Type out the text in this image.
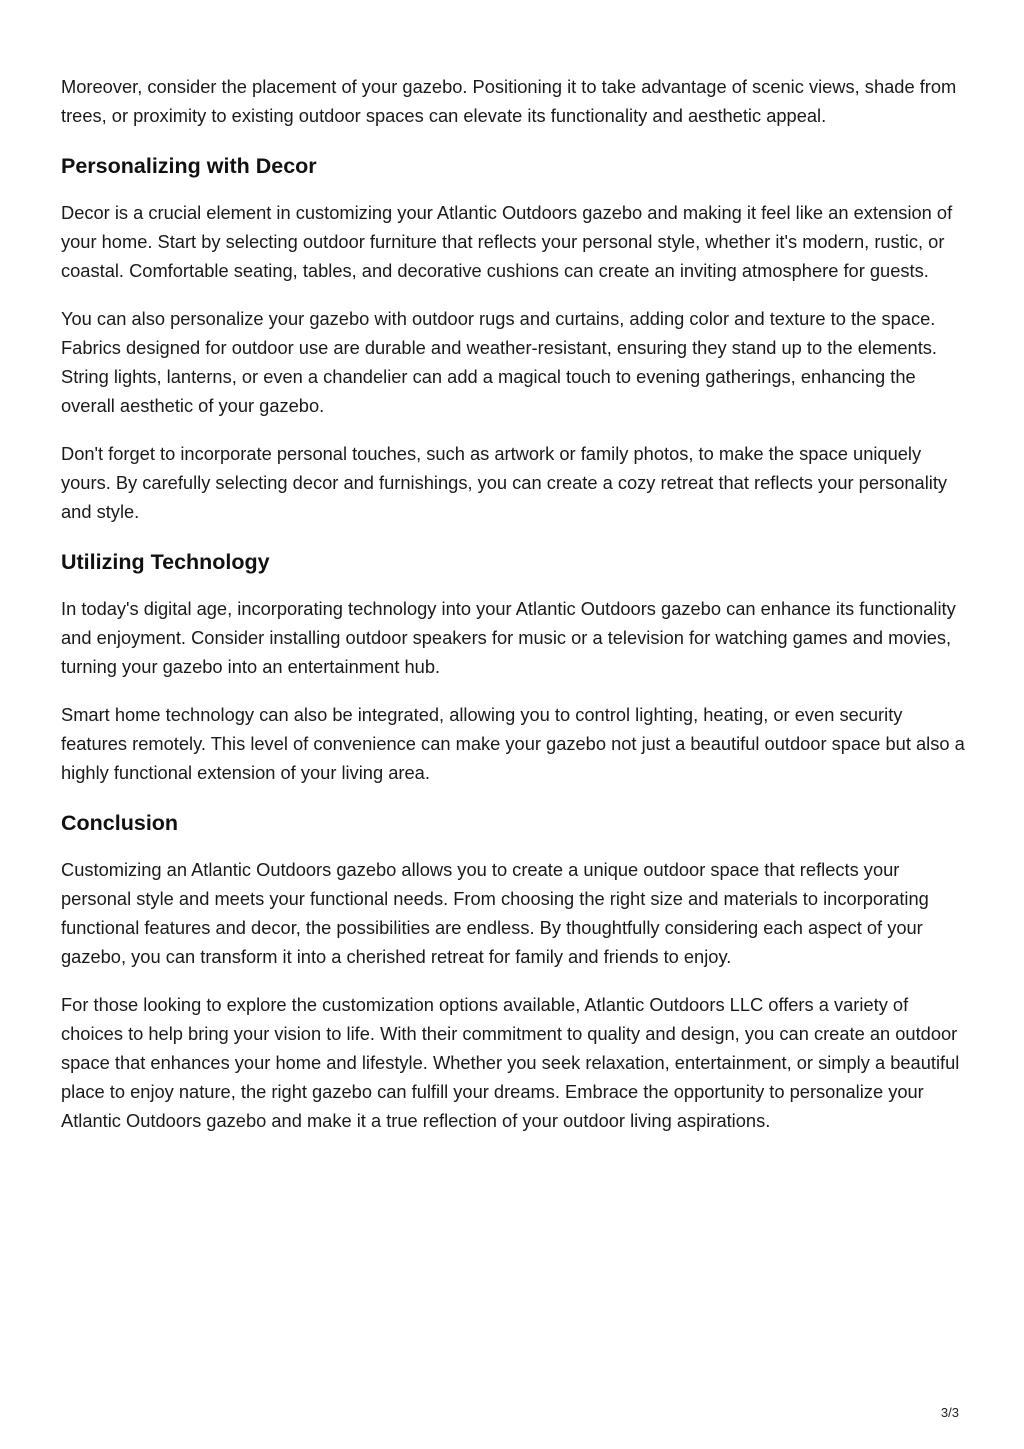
Moreover, consider the placement of your gazebo. Positioning it to take advantage of scenic views, shade from trees, or proximity to existing outdoor spaces can elevate its functionality and aesthetic appeal.

Personalizing with Decor

Decor is a crucial element in customizing your Atlantic Outdoors gazebo and making it feel like an extension of your home. Start by selecting outdoor furniture that reflects your personal style, whether it's modern, rustic, or coastal. Comfortable seating, tables, and decorative cushions can create an inviting atmosphere for guests.

You can also personalize your gazebo with outdoor rugs and curtains, adding color and texture to the space. Fabrics designed for outdoor use are durable and weather-resistant, ensuring they stand up to the elements. String lights, lanterns, or even a chandelier can add a magical touch to evening gatherings, enhancing the overall aesthetic of your gazebo.

Don't forget to incorporate personal touches, such as artwork or family photos, to make the space uniquely yours. By carefully selecting decor and furnishings, you can create a cozy retreat that reflects your personality and style.

Utilizing Technology

In today's digital age, incorporating technology into your Atlantic Outdoors gazebo can enhance its functionality and enjoyment. Consider installing outdoor speakers for music or a television for watching games and movies, turning your gazebo into an entertainment hub.

Smart home technology can also be integrated, allowing you to control lighting, heating, or even security features remotely. This level of convenience can make your gazebo not just a beautiful outdoor space but also a highly functional extension of your living area.

Conclusion

Customizing an Atlantic Outdoors gazebo allows you to create a unique outdoor space that reflects your personal style and meets your functional needs. From choosing the right size and materials to incorporating functional features and decor, the possibilities are endless. By thoughtfully considering each aspect of your gazebo, you can transform it into a cherished retreat for family and friends to enjoy.

For those looking to explore the customization options available, Atlantic Outdoors LLC offers a variety of choices to help bring your vision to life. With their commitment to quality and design, you can create an outdoor space that enhances your home and lifestyle. Whether you seek relaxation, entertainment, or simply a beautiful place to enjoy nature, the right gazebo can fulfill your dreams. Embrace the opportunity to personalize your Atlantic Outdoors gazebo and make it a true reflection of your outdoor living aspirations.

3/3
